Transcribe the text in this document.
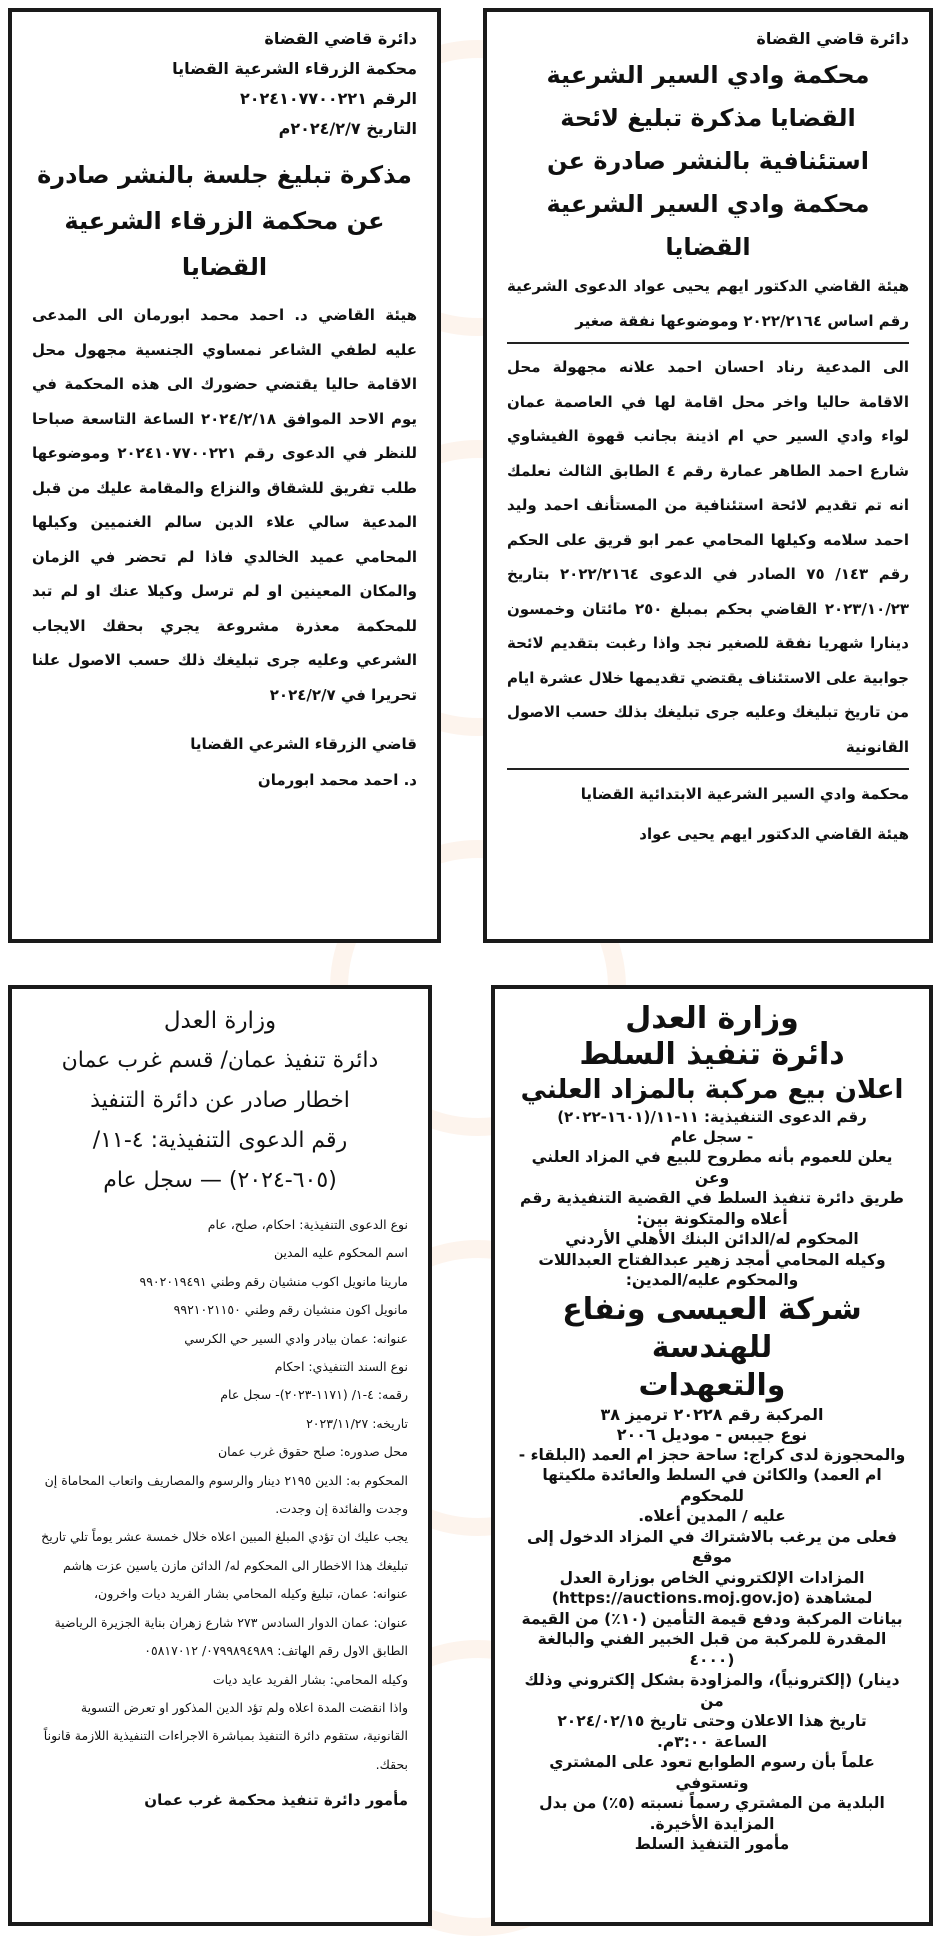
دائرة قاضي القضاة

محكمة الزرقاء الشرعية القضايا

الرقم ٢٠٢٤١٠٧٧٠٠٢٢١

التاريخ ٢٠٢٤/٢/٧م

مذكرة تبليغ جلسة بالنشر صادرة عن محكمة الزرقاء الشرعية القضايا

هيئة القاضي د. احمد محمد ابورمان الى المدعى عليه لطفي الشاعر نمساوي الجنسية مجهول محل الاقامة حاليا يقتضي حضورك الى هذه المحكمة في يوم الاحد الموافق ٢٠٢٤/٢/١٨ الساعة التاسعة صباحا للنظر في الدعوى رقم ٢٠٢٤١٠٧٧٠٠٢٢١ وموضوعها طلب تفريق للشقاق والنزاع والمقامة عليك من قبل المدعية سالي علاء الدين سالم الغنميين وكيلها المحامي عميد الخالدي فاذا لم تحضر في الزمان والمكان المعينين او لم ترسل وكيلا عنك او لم تبد للمحكمة معذرة مشروعة يجري بحقك الايجاب الشرعي وعليه جرى تبليغك ذلك حسب الاصول علنا تحريرا في ٢٠٢٤/٢/٧

قاضي الزرقاء الشرعي القضايا

د. احمد محمد ابورمان

دائرة قاضي القضاة

محكمة وادي السير الشرعية القضايا مذكرة تبليغ لائحة استئنافية بالنشر صادرة عن محكمة وادي السير الشرعية القضايا

هيئة القاضي الدكتور ايهم يحيى عواد الدعوى الشرعية رقم اساس ٢٠٢٢/٢١٦٤ وموضوعها نفقة صغير

الى المدعية رناد احسان احمد علانه مجهولة محل الاقامة حاليا واخر محل اقامة لها في العاصمة عمان لواء وادي السير حي ام اذينة بجانب قهوة الفيشاوي شارع احمد الطاهر عمارة رقم ٤ الطابق الثالث نعلمك انه تم تقديم لائحة استئنافية من المستأنف احمد وليد احمد سلامه وكيلها المحامي عمر ابو قريق على الحكم رقم ١٤٣/ ٧٥ الصادر في الدعوى ٢٠٢٢/٢١٦٤ بتاريخ ٢٠٢٣/١٠/٢٣ القاضي بحكم بمبلغ ٢٥٠ مائتان وخمسون دينارا شهريا نفقة للصغير نجد واذا رغبت بتقديم لائحة جوابية على الاستئناف يقتضي تقديمها خلال عشرة ايام من تاريخ تبليغك وعليه جرى تبليغك بذلك حسب الاصول القانونية

محكمة وادي السير الشرعية الابتدائية القضايا

هيئة القاضي الدكتور ايهم يحيى عواد

وزارة العدل

دائرة تنفيذ عمان/ قسم غرب عمان

اخطار صادر عن دائرة التنفيذ

رقم الدعوى التنفيذية: ٤-١١/

(٦٠٥-٢٠٢٤) — سجل عام

نوع الدعوى التنفيذية: احكام، صلح، عام

اسم المحكوم عليه المدين

مارينا مانويل اكوب منشيان رقم وطني ٩٩٠٢٠١٩٤٩١

مانويل اكون منشيان رقم وطني ٩٩٢١٠٢١١٥٠

عنوانه: عمان بيادر وادي السير حي الكرسي

نوع السند التنفيذي: احكام

رقمه: ٤-١/ (١١٧١-٢٠٢٣)- سجل عام

تاريخه: ٢٠٢٣/١١/٢٧

محل صدوره: صلح حقوق غرب عمان

المحكوم به: الدين ٢١٩٥ دينار والرسوم والمصاريف واتعاب المحاماة إن وجدت والفائدة إن وجدت.

يجب عليك ان تؤدي المبلغ المبين اعلاه خلال خمسة عشر يوماً تلي تاريخ تبليغك هذا الاخطار الى المحكوم له/ الدائن مازن ياسين عزت هاشم

عنوانه: عمان، تبليغ وكيله المحامي بشار الفريد ديات واخرون،

عنوان: عمان الدوار السادس ٢٧٣ شارع زهران بناية الجزيرة الرياضية الطابق الاول رقم الهاتف: ٠٧٩٩٨٩٤٩٨٩/ ٠٥٨١٧٠١٢

وكيله المحامي: بشار الفريد عايد ديات

واذا انقضت المدة اعلاه ولم تؤد الدين المذكور او تعرض التسوية القانونية، ستقوم دائرة التنفيذ بمباشرة الاجراءات التنفيذية اللازمة قانوناً بحقك.

مأمور دائرة تنفيذ محكمة غرب عمان

وزارة العدل

دائرة تنفيذ السلط

اعلان بيع مركبة بالمزاد العلني

رقم الدعوى التنفيذية: ١١-١١/(١٦٠١-٢٠٢٢)

- سجل عام

يعلن للعموم بأنه مطروح للبيع في المزاد العلني وعن

طريق دائرة تنفيذ السلط في القضية التنفيذية رقم

أعلاه والمتكونة بين:

المحكوم له/الدائن البنك الأهلي الأردني

وكيله المحامي أمجد زهير عبدالفتاح العبداللات

والمحكوم عليه/المدين:

شركة العيسى ونفاع للهندسة

والتعهدات

المركبة رقم ٢٠٢٢٨ ترميز ٣٨

نوع جيبس - موديل ٢٠٠٦

والمحجوزة لدى كراج: ساحة حجز ام العمد (البلقاء -

ام العمد) والكائن في السلط والعائدة ملكيتها للمحكوم

عليه / المدين أعلاه.

فعلى من يرغب بالاشتراك في المزاد الدخول إلى موقع

المزادات الإلكتروني الخاص بوزارة العدل

(https://auctions.moj.gov.jo) لمشاهدة

بيانات المركبة ودفع قيمة التأمين (١٠٪) من القيمة

المقدرة للمركبة من قبل الخبير الفني والبالغة (٤٠٠٠

دينار) (إلكترونياً)، والمزاودة بشكل إلكتروني وذلك من

تاريخ هذا الاعلان وحتى تاريخ ٢٠٢٤/٠٢/١٥

الساعة ٣:٠٠م.

علماً بأن رسوم الطوابع تعود على المشتري وتستوفي

البلدية من المشتري رسماً نسبته (٥٪) من بدل

المزايدة الأخيرة.

مأمور التنفيذ السلط
